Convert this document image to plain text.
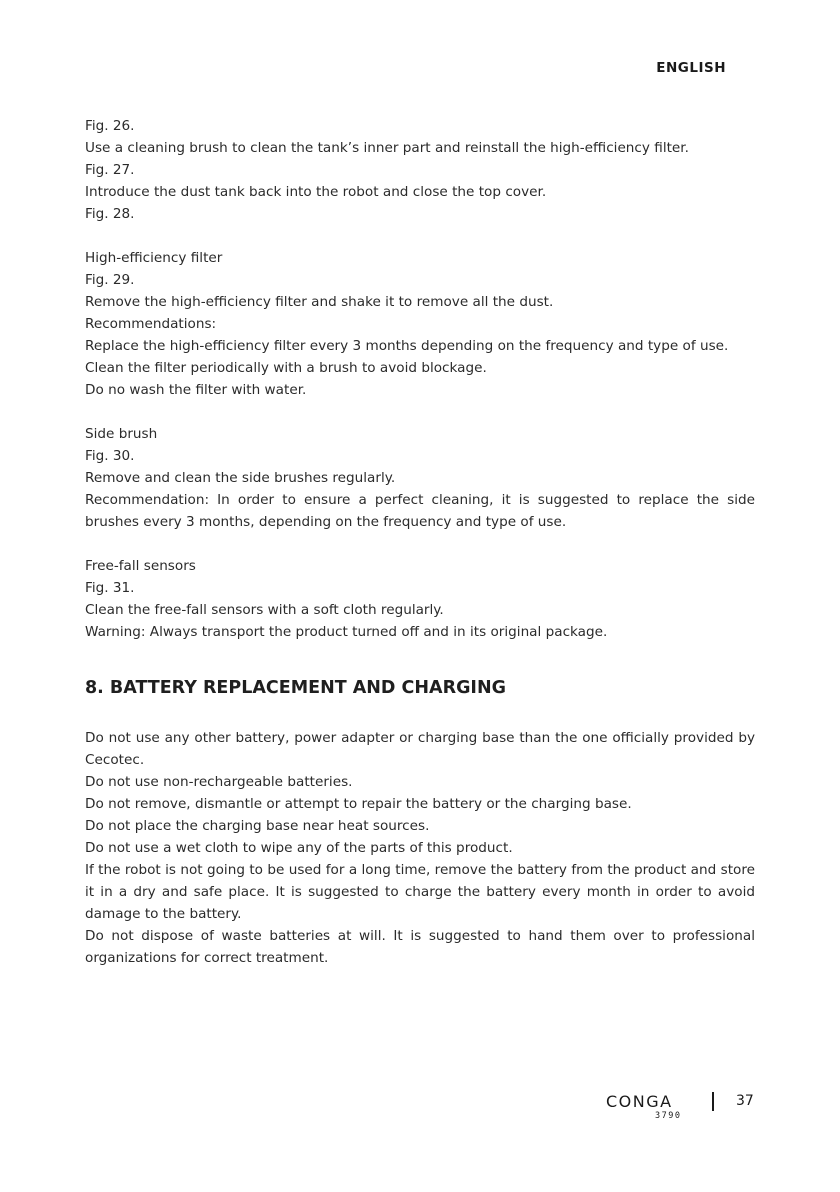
ENGLISH

Fig. 26.

Use a cleaning brush to clean the tank’s inner part and reinstall the high-efficiency filter.

Fig. 27.

Introduce the dust tank back into the robot and close the top cover.

Fig. 28.

High-efficiency filter

Fig. 29.

Remove the high-efficiency filter and shake it to remove all the dust.

Recommendations:

Replace the high-efficiency filter every 3 months depending on the frequency and type of use.

Clean the filter periodically with a brush to avoid blockage.

Do no wash the filter with water.

Side brush

Fig. 30.

Remove and clean the side brushes regularly.

Recommendation: In order to ensure a perfect cleaning, it is suggested to replace the side brushes every 3 months, depending on the frequency and type of use.

Free-fall sensors

Fig. 31.

Clean the free-fall sensors with a soft cloth regularly.

Warning: Always transport the product turned off and in its original package.

8. BATTERY REPLACEMENT AND CHARGING

Do not use any other battery, power adapter or charging base than the one officially provided by Cecotec.

Do not use non-rechargeable batteries.

Do not remove, dismantle or attempt to repair the battery or the charging base.

Do not place the charging base near heat sources.

Do not use a wet cloth to wipe any of the parts of this product.

If the robot is not going to be used for a long time, remove the battery from the product and store it in a dry and safe place. It is suggested to charge the battery every month in order to avoid damage to the battery.

Do not dispose of waste batteries at will. It is suggested to hand them over to professional organizations for correct treatment.

CONGA
3790
37
